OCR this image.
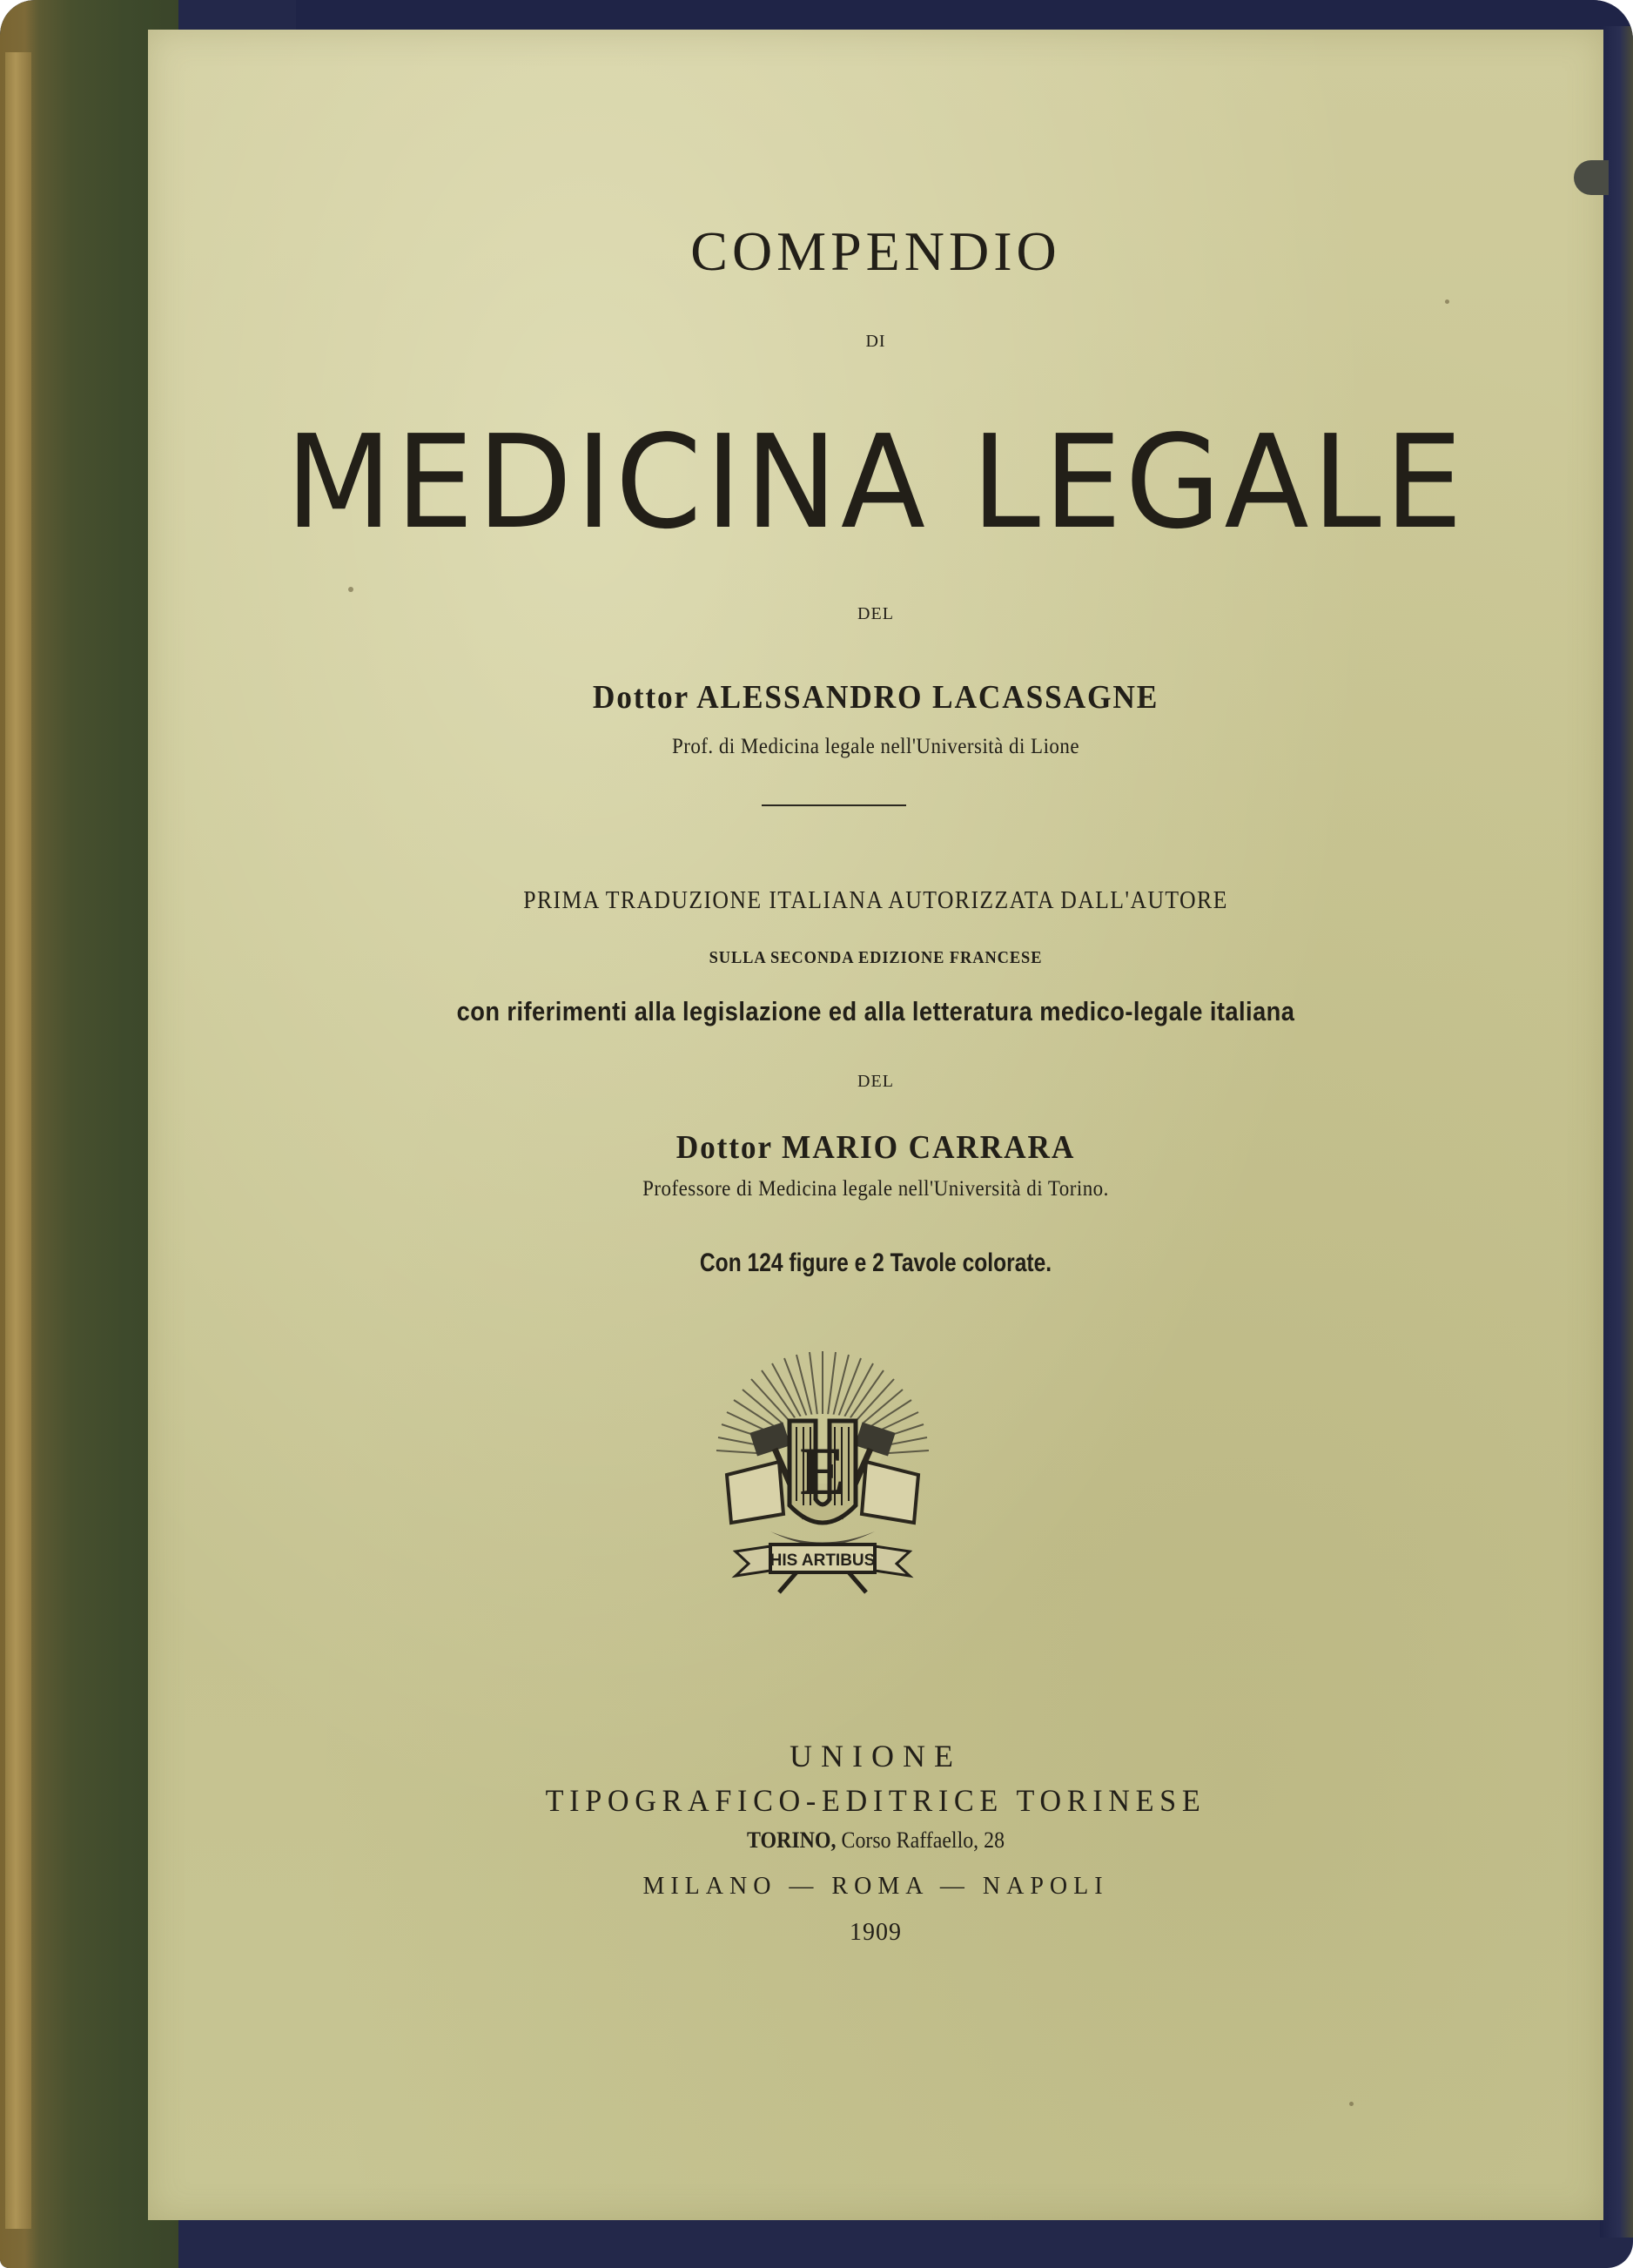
COMPENDIO
DI
MEDICINA LEGALE
DEL
Dottor ALESSANDRO LACASSAGNE
Prof. di Medicina legale nell'Università di Lione
PRIMA TRADUZIONE ITALIANA AUTORIZZATA DALL'AUTORE
SULLA SECONDA EDIZIONE FRANCESE
con riferimenti alla legislazione ed alla letteratura medico-legale italiana
DEL
Dottor MARIO CARRARA
Professore di Medicina legale nell'Università di Torino.
Con 124 figure e 2 Tavole colorate.
E
HIS ARTIBUS
UNIONE
TIPOGRAFICO-EDITRICE TORINESE
TORINO, Corso Raffaello, 28
MILANO — ROMA — NAPOLI
1909
